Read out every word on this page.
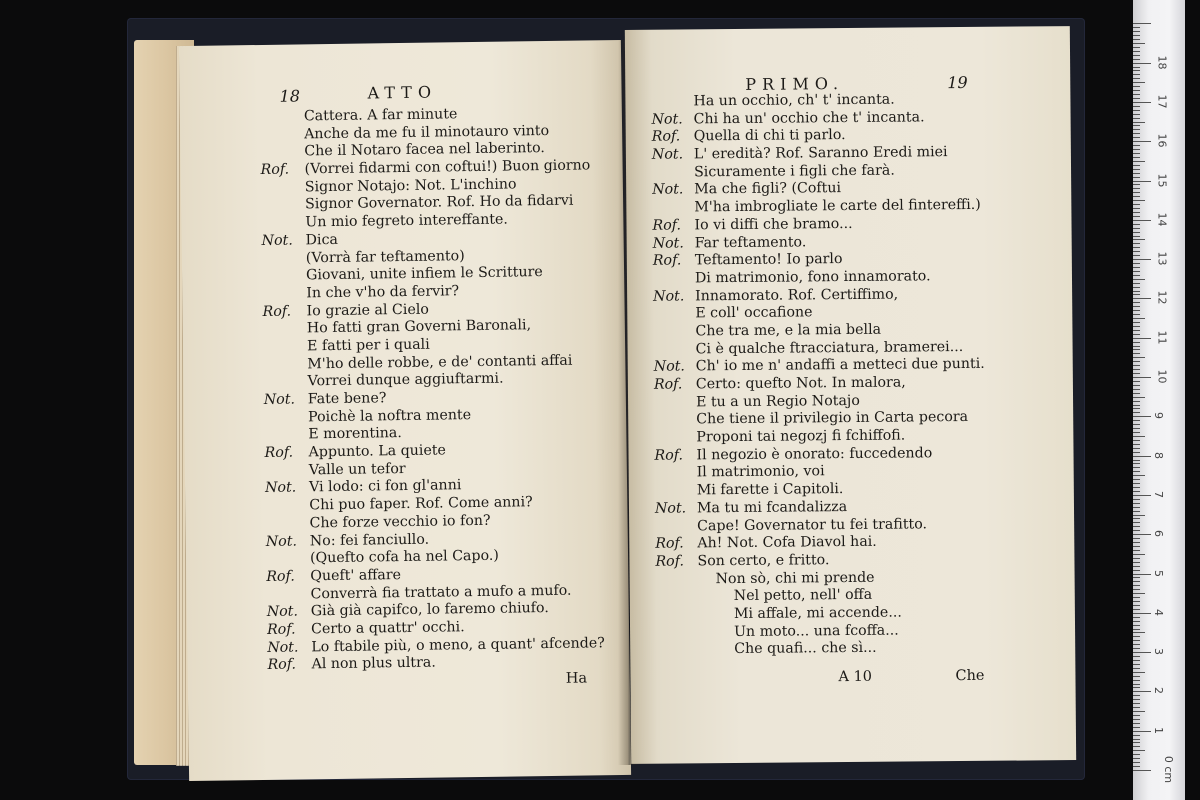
18	ATTO
Cattera. A far minute
Anche da me fu il minotauro vinto
Che il Notaro facea nel laberinto.
Rof. (Vorrei fidarmi con coftui!) Buon giorno
Signor Notajo: Not. L'inchino
Signor Governator. Rof. Ho da fidarvi
Un mio fegreto intereffante.
Not. Dica
(Vorrà far teftamento)
Giovani, unite infiem le Scritture
In che v'ho da fervir?
Rof. Io grazie al Cielo
Ho fatti gran Governi Baronali,
E fatti per i quali
M'ho delle robbe, e de' contanti affai
Vorrei dunque aggiuftarmi.
Not. Fate bene?
Poichè la noftra mente
E morentina.
Rof. Appunto. La quiete
Valle un tefor
Not. Vi lodo: ci fon gl'anni
Chi puo faper. Rof. Come anni?
Che forze vecchio io fon?
Not. No: fei fanciullo.
(Quefto cofa ha nel Capo.)
Rof. Queft' affare
Converrà fia trattato a mufo a mufo.
Not. Già già capifco, lo faremo chiufo.
Rof. Certo a quattr' occhi.
Not. Lo ftabile più, o meno, a quant' afcende?
Rof. Al non plus ultra.
Ha
PRIMO.	19
Ha un occhio, ch' t' incanta.
Not. Chi ha un' occhio che t' incanta.
Rof. Quella di chi ti parlo.
Not. L' eredità? Rof. Saranno Eredi miei
Sicuramente i figli che farà.
Not. Ma che figli? (Coftui
M'ha imbrogliate le carte del fintereffi.)
Rof. Io vi diffi che bramo...
Not. Far teftamento.
Rof. Teftamento! Io parlo
Di matrimonio, fono innamorato.
Not. Innamorato. Rof. Certiffimo,
E coll' occafione
Che tra me, e la mia bella
Ci è qualche ftracciatura, bramerei...
Not. Ch' io me n' andaffi a metteci due punti.
Rof. Certo: quefto Not. In malora,
E tu a un Regio Notajo
Che tiene il privilegio in Carta pecora
Proponi tai negozj fi fchiffofi.
Rof. Il negozio è onorato: fuccedendo
Il matrimonio, voi
Mi farette i Capitoli.
Not. Ma tu mi fcandalizza
Cape! Governator tu fei trafitto.
Rof. Ah! Not. Cofa Diavol hai.
Rof. Son certo, e fritto.
Non sò, chi mi prende
Nel petto, nell' offa
Mi affale, mi accende...
Un moto... una fcoffa...
Che quafi... che sì...
A 10	Che
0 cm
1
2
3
4
5
6
7
8
9
10
11
12
13
14
15
16
17
18
